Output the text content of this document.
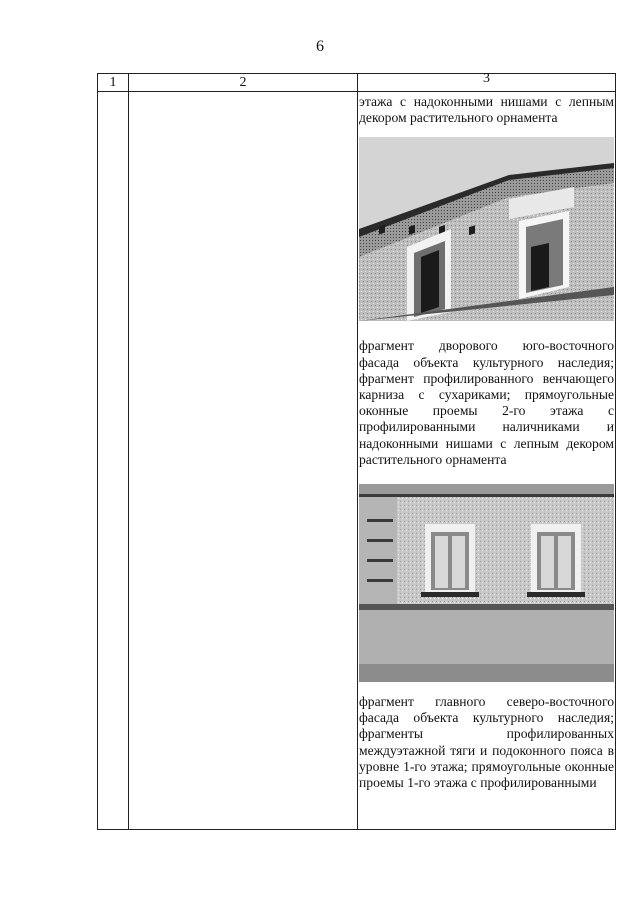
6
1	2	3

этажа с надоконными нишами с лепным декором растительного орнамента

фрагмент дворового юго-восточного фасада объекта культурного наследия; фрагмент профилированного венчающего карниза с сухариками; прямоугольные оконные проемы 2-го этажа с профилированными наличниками и надоконными нишами с лепным декором растительного орнамента

фрагмент главного северо-восточного фасада объекта культурного наследия; фрагменты профилированных междуэтажной тяги и подоконного пояса в уровне 1-го этажа; прямоугольные оконные проемы 1-го этажа с профилированными
